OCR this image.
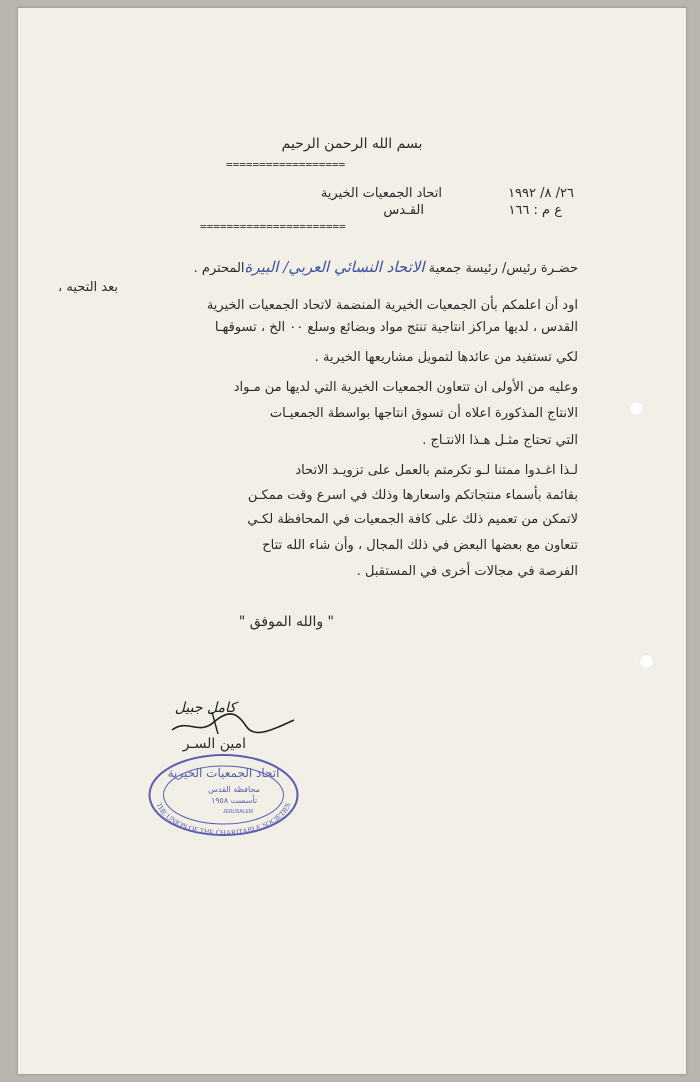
بسم الله الرحمن الرحيم
==================
اتحاد الجمعيات الخيرية	٢٦/ ٨/ ١٩٩٢
القـدس	ع م : ١٦٦
======================
حضـرة رئيس/ رئيسة جمعية الاتحاد النسائي العربي/ البيرةالمحترم .
بعد التحيه ،
اود أن اعلمكم بأن الجمعيات الخيرية المنضمة لاتحاد الجمعيات الخيرية
القدس ، لديها مراكز انتاجية تنتج مواد وبضائع وسلع ٠٠ الخ ، تسوقهـا
لكي تستفيد من عائدها لتمويل مشاريعها الخيرية .
وعليه من الأولى ان تتعاون الجمعيات الخيرية التي لديها من مـواد
الانتاج المذكورة اعلاه أن تسوق انتاجها بواسطة الجمعيـات
التي تحتاج مثـل هـذا الانتـاج .
لـذا اغـدوا ممتنا لـو تكرمتم بالعمل على تزويـد الاتحاد
بقائمة بأسماء منتجاتكم واسعارها وذلك في اسرع وقت ممكـن
لاتمكن من تعميم ذلك على كافة الجمعيات في المحافظة لكـي
تتعاون مع بعضها البعض في ذلك المجال ، وأن شاء الله تتاح
الفرصة في مجالات أخرى في المستقبل .
" والله الموفق "
كامل جبيل
امين السـر
اتحاد الجمعيات الخيرية
محافظة القدس
تأسست ١٩٥٨
JERUSALEM
THE UNION OF THE CHARITABLE SOCIETIES
